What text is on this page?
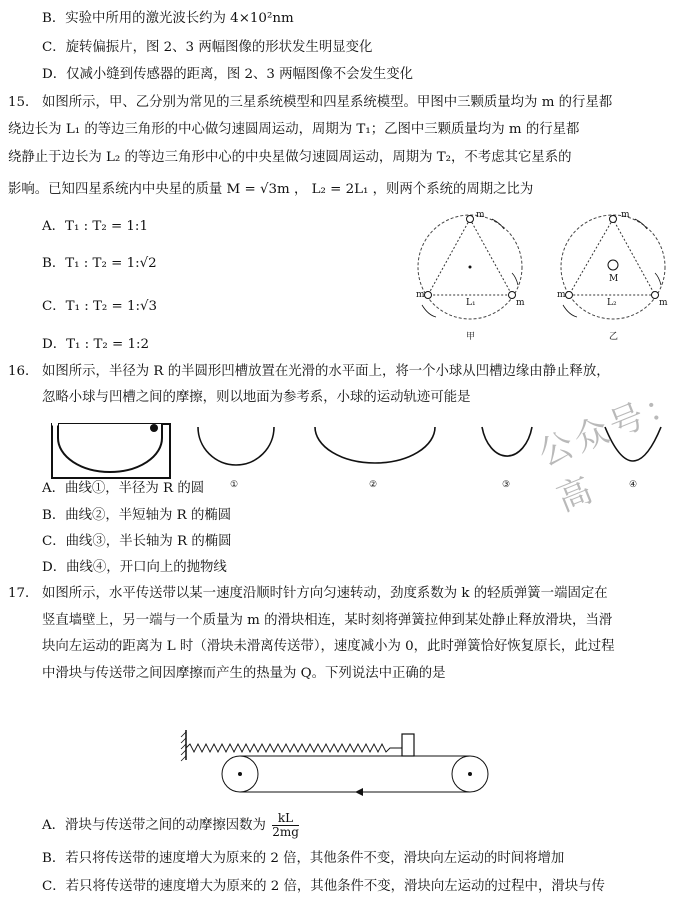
B．实验中所用的激光波长约为 4×10²nm
C．旋转偏振片，图 2、3 两幅图像的形状发生明显变化
D．仅减小缝到传感器的距离，图 2、3 两幅图像不会发生变化
15． 如图所示，甲、乙分别为常见的三星系统模型和四星系统模型。甲图中三颗质量均为 m 的行星都
绕边长为 L₁ 的等边三角形的中心做匀速圆周运动，周期为 T₁；乙图中三颗质量均为 m 的行星都
绕静止于边长为 L₂ 的等边三角形中心的中央星做匀速圆周运动，周期为 T₂，不考虑其它星系的
影响。已知四星系统内中央星的质量 M = √3m ， L₂ = 2L₁ ，则两个系统的周期之比为
A．T₁ : T₂ = 1:1
B．T₁ : T₂ = 1:√2
C．T₁ : T₂ = 1:√3
D．T₁ : T₂ = 1:2
m
m
m
L₁
甲
m
m
m
M
L₂
乙
16． 如图所示，半径为 R 的半圆形凹槽放置在光滑的水平面上，将一个小球从凹槽边缘由静止释放，
忽略小球与凹槽之间的摩擦，则以地面为参考系，小球的运动轨迹可能是
①	②	③	④
公众号：高
A．曲线①，半径为 R 的圆
B．曲线②，半短轴为 R 的椭圆
C．曲线③，半长轴为 R 的椭圆
D．曲线④，开口向上的抛物线
17． 如图所示，水平传送带以某一速度沿顺时针方向匀速转动，劲度系数为 k 的轻质弹簧一端固定在
竖直墙壁上，另一端与一个质量为 m 的滑块相连，某时刻将弹簧拉伸到某处静止释放滑块，当滑
块向左运动的距离为 L 时（滑块未滑离传送带），速度减小为 0，此时弹簧恰好恢复原长，此过程
中滑块与传送带之间因摩擦而产生的热量为 Q。下列说法中正确的是
A．滑块与传送带之间的动摩擦因数为 $\frac{kL}{2mg}$
B．若只将传送带的速度增大为原来的 2 倍，其他条件不变，滑块向左运动的时间将增加
C．若只将传送带的速度增大为原来的 2 倍，其他条件不变，滑块向左运动的过程中，滑块与传
